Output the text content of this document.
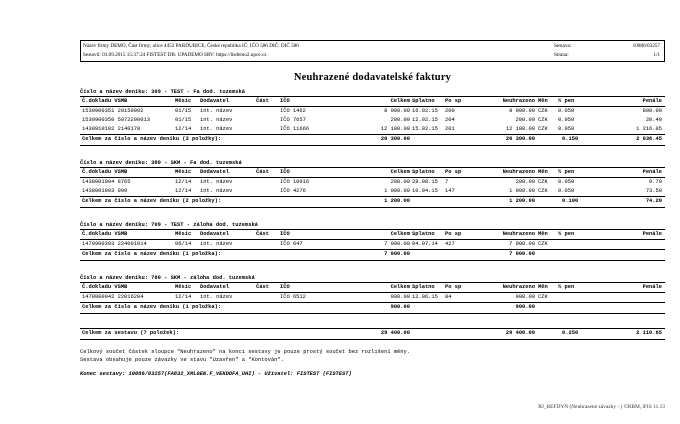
Název firmy DEMO, Část firmy, ulice 4453 PARDUBICE, České republika IČ: IČO 586 DIČ: DIČ 586
Sestavil: 03.09.2015 15:37:24 FISTEST DB: UPADEMO SRV: https://lisdemo2.upce.cz
Sestava:	10086/03257
Strana:	1/1
Neuhrazené dodavatelské faktury
Číslo a název deníku: 309 - TEST - Fa dod. tuzemská
Č.dokladu VSMB	Měsíc Dodavatel	Část IČO	Celkem Splatno Po sp	Neuhrazeno Měn % pen	Penále
1530900351 20150002	01/15 int. název	IČO 1462	8 000.00 16.02.15 200	8 000.00 CZK 0.050	800.00
1530900350 5072200013	01/15 int. název	IČO 7657	200.00 12.02.15 204	200.00 CZK 0.050	20.40
1430910102 2140178	12/14 int. název	IČO 11666	12 100.00 15.02.15 201	12 100.00 CZK 0.050	1 216.05
Celkem za číslo a název deníku (3 položky):	20 300.00	20 300.00	0.150	2 036.45
Číslo a název deníku: 380 - SKM - Fa dod. tuzemská
Č.dokladu VSMB	Měsíc Dodavatel	Část IČO	Celkem Splatno Po sp	Neuhrazeno Měn % pen	Penále
1438001904 8765	12/14 int. název	IČO 10016	200.00 28.08.15 7	200.00 CZK 0.050	0.70
1438001903 999	12/14 int. název	IČO 4276	1 000.00 10.04.15 147	1 000.00 CZK 0.050	73.50
Celkem za číslo a název deníku (2 položky):	1 200.00	1 200.00	0.100	74.20
Číslo a název deníku: 709 - TEST - záloha dod. tuzemská
Č.dokladu VSMB	Měsíc Dodavatel	Část IČO	Celkem Splatno Po sp	Neuhrazeno Měn % pen	Penále
1470900393 224001014	06/14 int. název	IČO 647	7 000.00 04.07.14 427	7 000.00 CZK
Celkem za číslo a název deníku (1 položka):	7 000.00	7 000.00
Číslo a název deníku: 780 - SKM - záloha dod. tuzemská
Č.dokladu VSMB	Měsíc Dodavatel	Část IČO	Celkem Splatno Po sp	Neuhrazeno Měn % pen	Penále
1478000042 22016204	12/14 int. název	IČO 6512	900.00 12.06.15 84	900.00 CZK
Celkem za číslo a název deníku (1 položka):	900.00	900.00
Celkem za sestavu (7 položek):	29 400.00	29 400.00	0.250	2 110.65
Celkový součet částek sloupce "Neuhrazeno" na konci sestavy je pouze prostý součet bez rozlišení měny.
Sestava obsahuje pouze závazky ve stavu "Uzavřen" a "Kontován".
Konec sestavy: 10086/03257(FA832_XMLGEN.F_VEKDOFA_UHI) - Uživatel: FISTEST (FISTEST)
RJ_REFDYN (Neuhrazené závazky - ) ©RBM, iFIS 11.13
